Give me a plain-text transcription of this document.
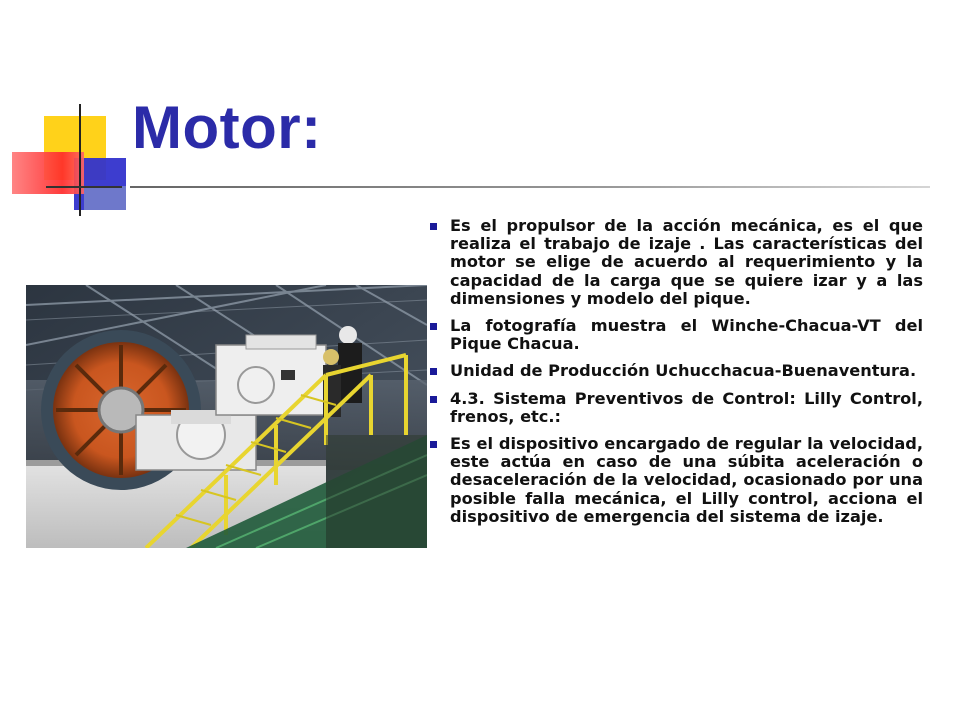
Motor:
Es el propulsor de la acción mecánica, es el que realiza el trabajo de izaje . Las características del motor se elige de acuerdo al requerimiento y la capacidad de la carga que se quiere izar y a las dimensiones y modelo del pique.
La fotografía muestra el Winche-Chacua-VT del Pique Chacua.
Unidad de Producción Uchucchacua-Buenaventura.
4.3. Sistema Preventivos de Control: Lilly Control, frenos, etc.:
Es el dispositivo encargado de regular la velocidad, este actúa en caso de una súbita aceleración o desaceleración de la velocidad, ocasionado por una posible falla mecánica, el Lilly control, acciona el dispositivo de emergencia del sistema de izaje.
